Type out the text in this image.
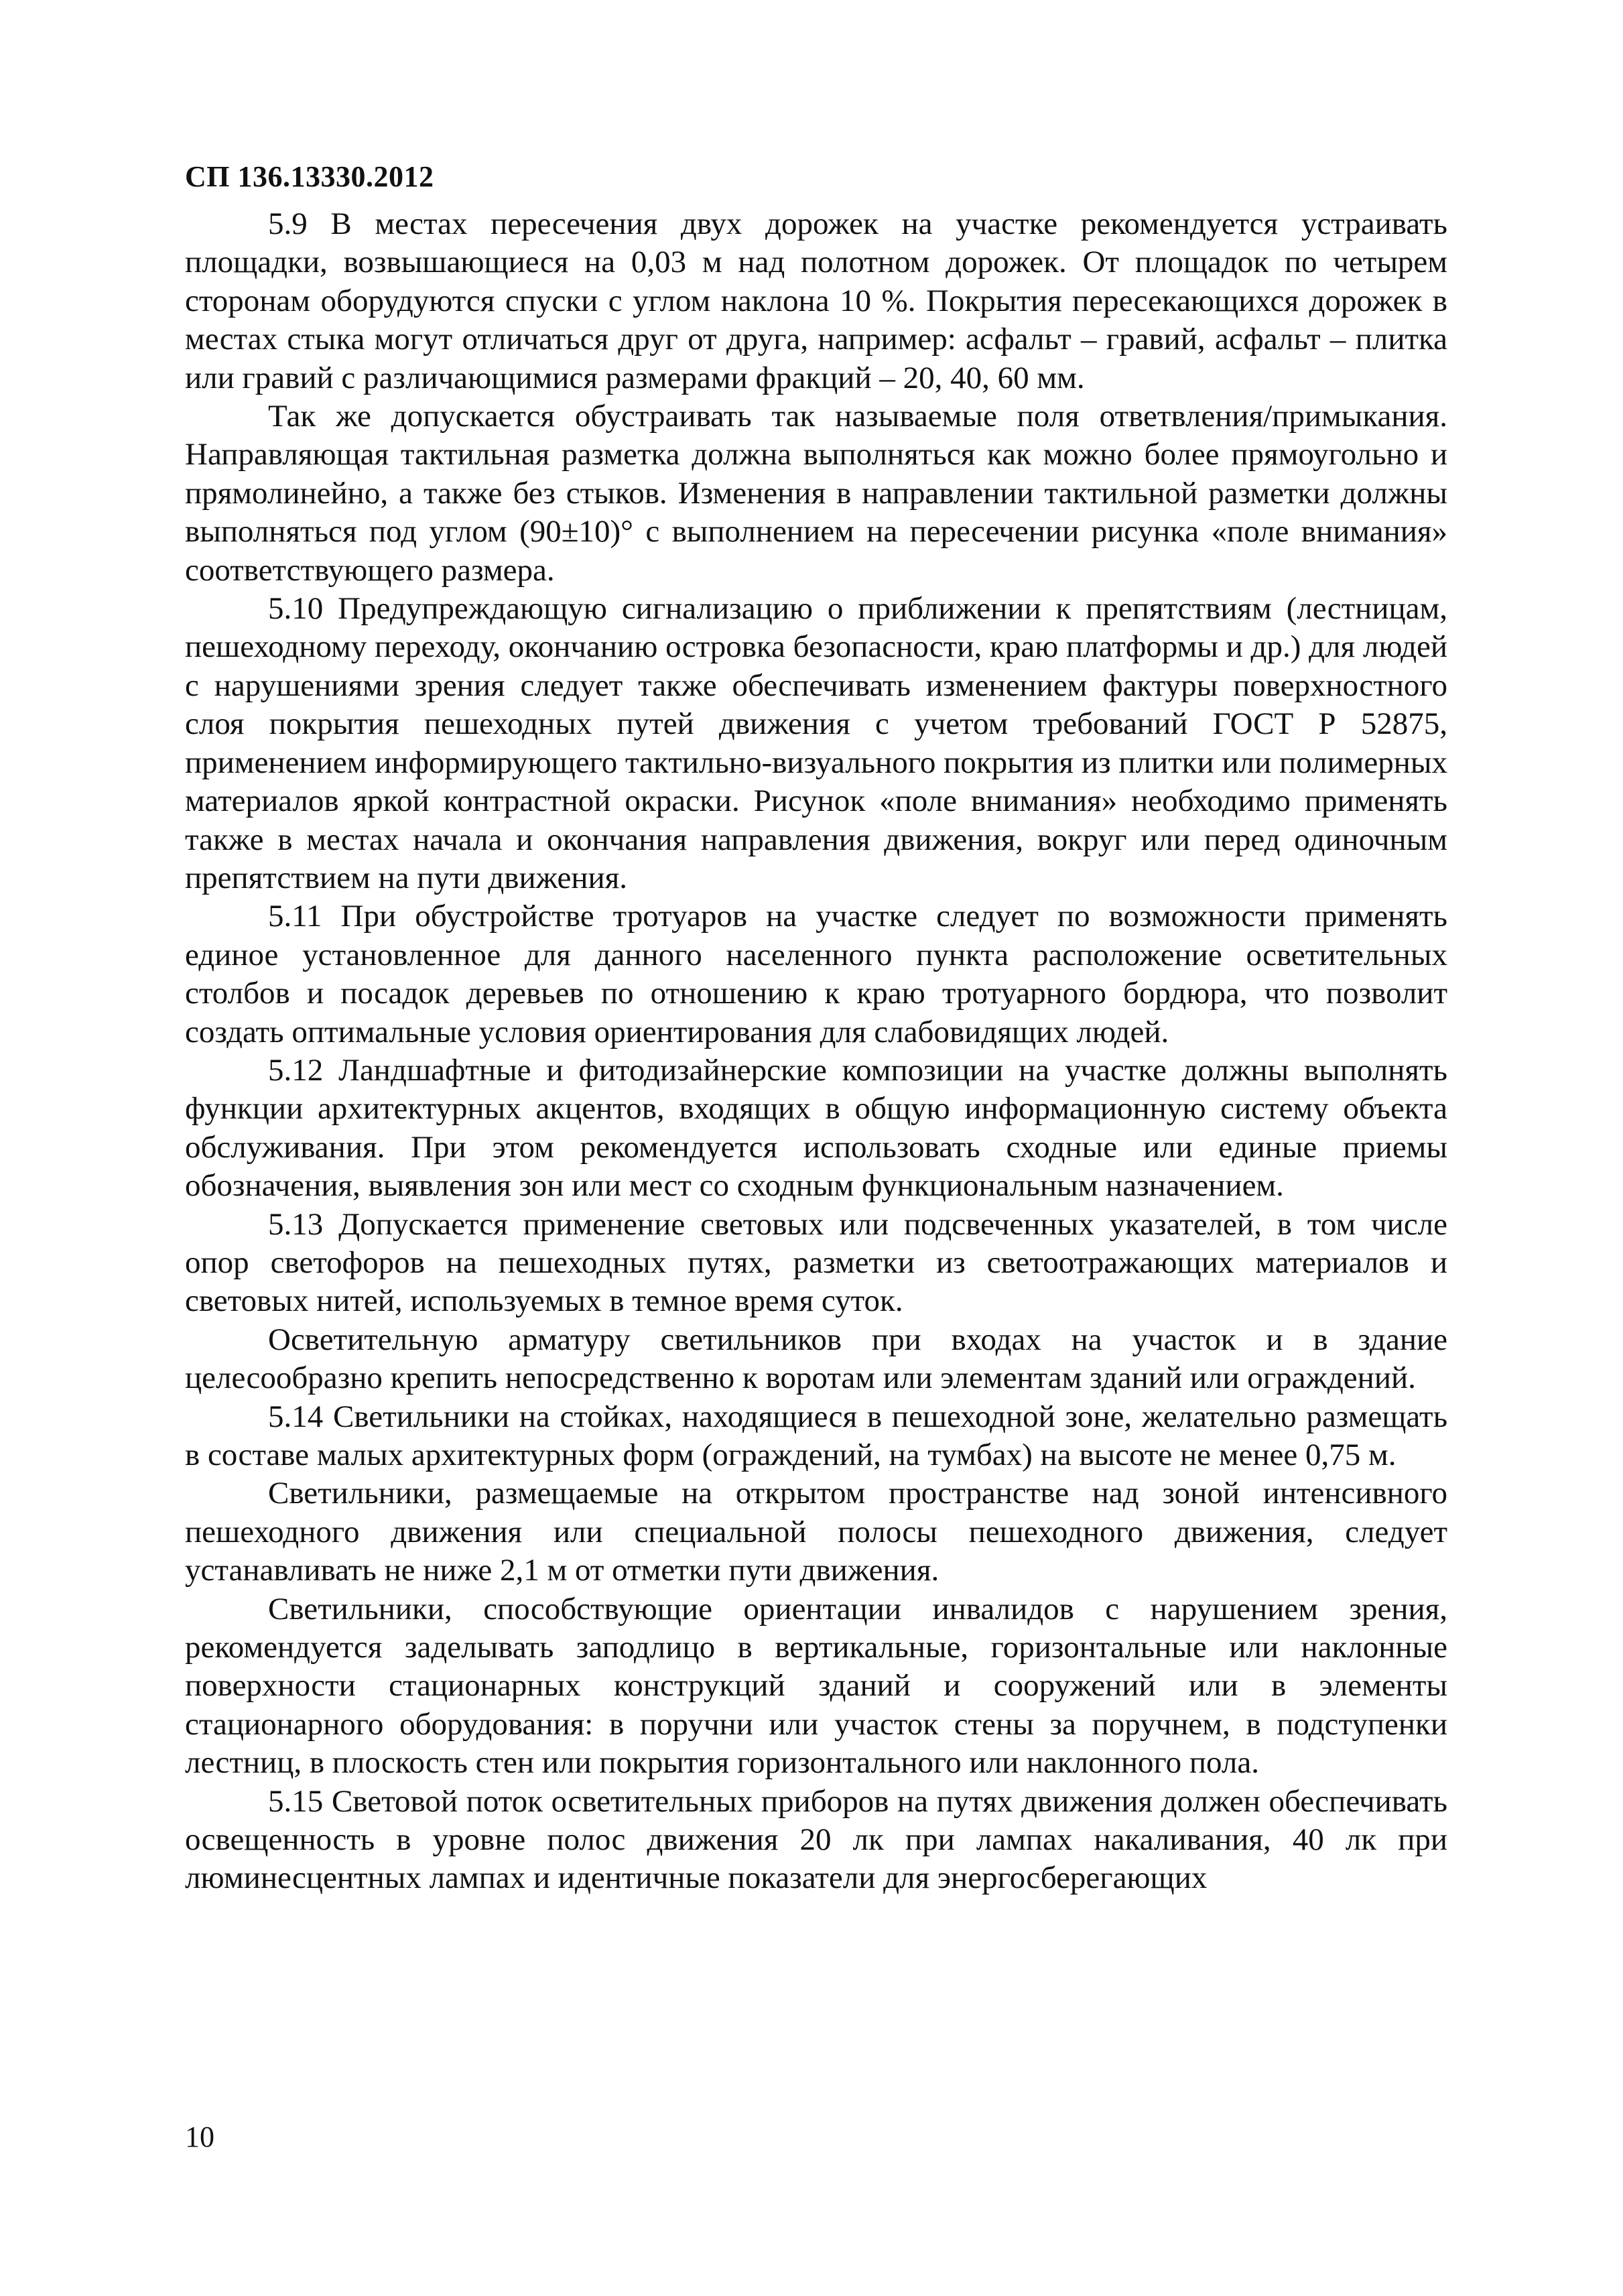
СП 136.13330.2012

5.9 В местах пересечения двух дорожек на участке рекомендуется устраивать площадки, возвышающиеся на 0,03 м над полотном дорожек. От площадок по четырем сторонам оборудуются спуски с углом наклона 10 %. Покрытия пересекающихся дорожек в местах стыка могут отличаться друг от друга, например: асфальт – гравий, асфальт – плитка или гравий с различающимися размерами фракций – 20, 40, 60 мм.

Так же допускается обустраивать так называемые поля ответвления/примыкания. Направляющая тактильная разметка должна выполняться как можно более прямоугольно и прямолинейно, а также без стыков. Изменения в направлении тактильной разметки должны выполняться под углом (90±10)° с выполнением на пересечении рисунка «поле внимания» соответствующего размера.

5.10 Предупреждающую сигнализацию о приближении к препятствиям (лестницам, пешеходному переходу, окончанию островка безопасности, краю платформы и др.) для людей с нарушениями зрения следует также обеспечивать изменением фактуры поверхностного слоя покрытия пешеходных путей движения с учетом требований ГОСТ Р 52875, применением информирующего тактильно-визуального покрытия из плитки или полимерных материалов яркой контрастной окраски. Рисунок «поле внимания» необходимо применять также в местах начала и окончания направления движения, вокруг или перед одиночным препятствием на пути движения.

5.11 При обустройстве тротуаров на участке следует по возможности применять единое установленное для данного населенного пункта расположение осветительных столбов и посадок деревьев по отношению к краю тротуарного бордюра, что позволит создать оптимальные условия ориентирования для слабовидящих людей.

5.12 Ландшафтные и фитодизайнерские композиции на участке должны выполнять функции архитектурных акцентов, входящих в общую информационную систему объекта обслуживания. При этом рекомендуется использовать сходные или единые приемы обозначения, выявления зон или мест со сходным функциональным назначением.

5.13 Допускается применение световых или подсвеченных указателей, в том числе опор светофоров на пешеходных путях, разметки из светоотражающих материалов и световых нитей, используемых в темное время суток.

Осветительную арматуру светильников при входах на участок и в здание целесообразно крепить непосредственно к воротам или элементам зданий или ограждений.

5.14 Светильники на стойках, находящиеся в пешеходной зоне, желательно размещать в составе малых архитектурных форм (ограждений, на тумбах) на высоте не менее 0,75 м.

Светильники, размещаемые на открытом пространстве над зоной интенсивного пешеходного движения или специальной полосы пешеходного движения, следует устанавливать не ниже 2,1 м от отметки пути движения.

Светильники, способствующие ориентации инвалидов с нарушением зрения, рекомендуется заделывать заподлицо в вертикальные, горизонтальные или наклонные поверхности стационарных конструкций зданий и сооружений или в элементы стационарного оборудования: в поручни или участок стены за поручнем, в подступенки лестниц, в плоскость стен или покрытия горизонтального или наклонного пола.

5.15 Световой поток осветительных приборов на путях движения должен обеспечивать освещенность в уровне полос движения 20 лк при лампах накаливания, 40 лк при люминесцентных лампах и идентичные показатели для энергосберегающих

10
